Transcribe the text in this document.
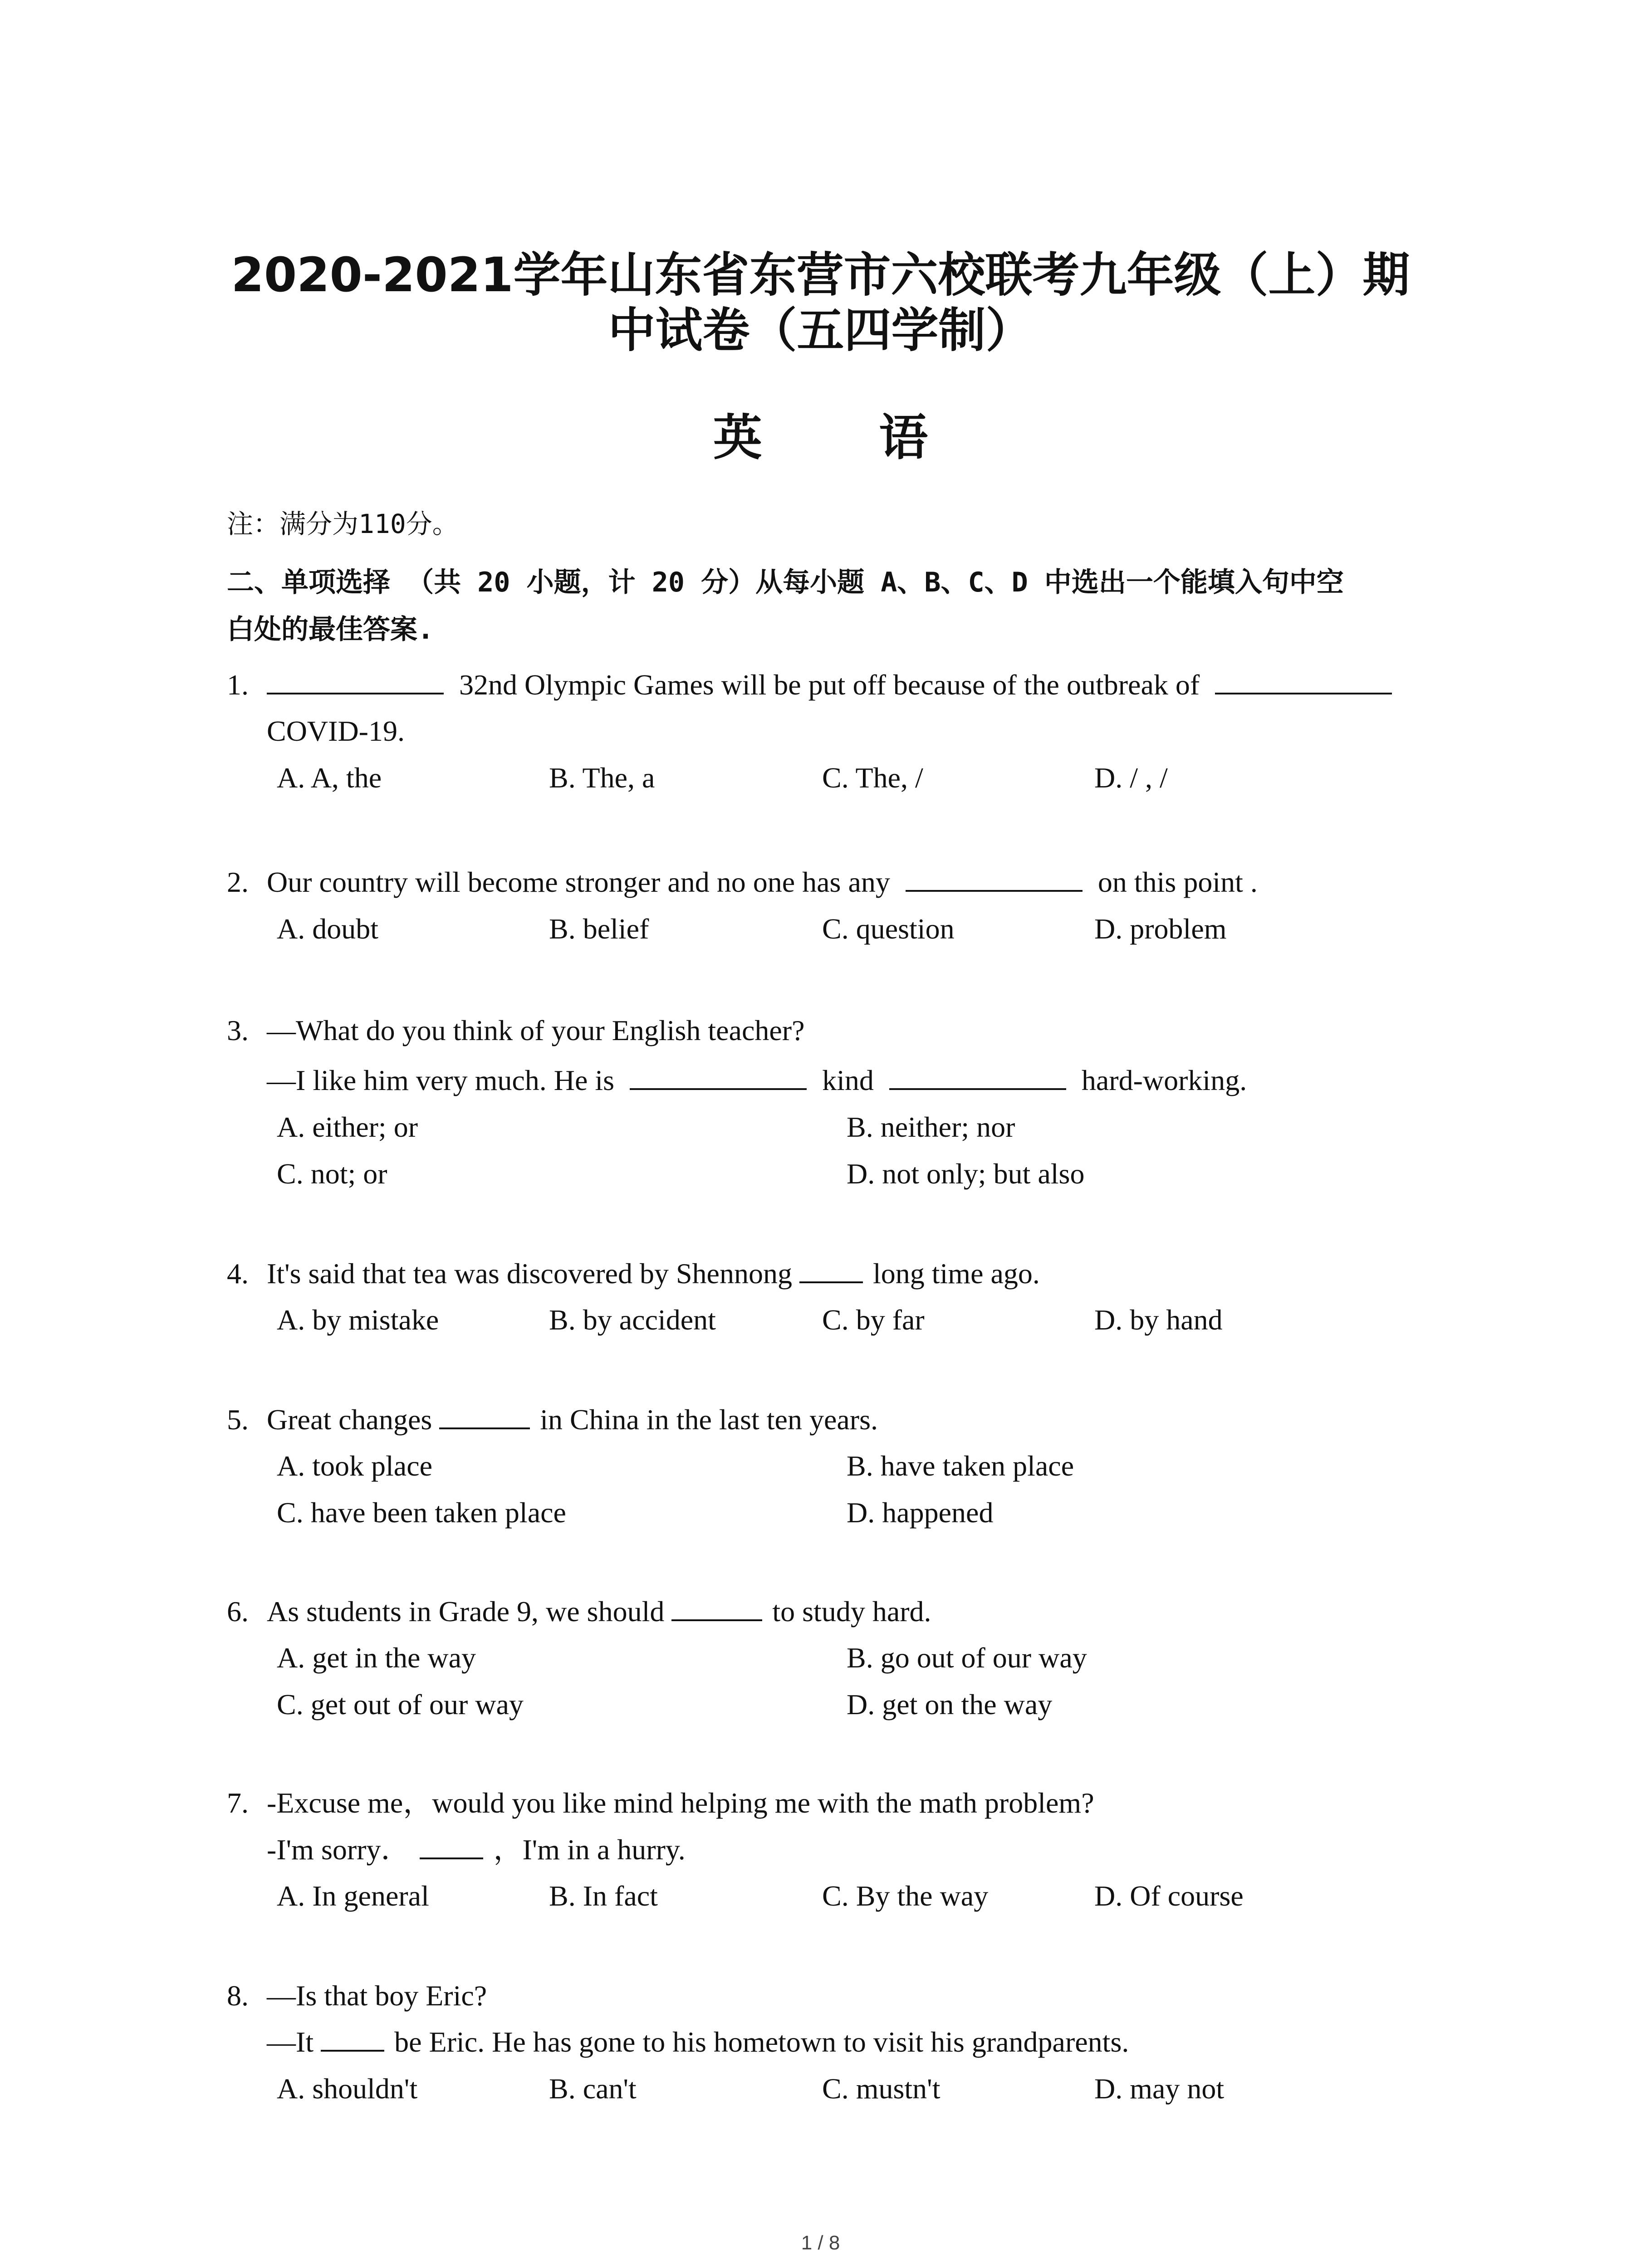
2020-2021学年山东省东营市六校联考九年级（上）期
中试卷（五四学制）
英 语
注：满分为110分。
二、单项选择 （共 20 小题，计 20 分）从每小题 A、B、C、D 中选出一个能填入句中空
白处的最佳答案.
1.	32nd Olympic Games will be put off because of the outbreak of
COVID-19.
A. A, the	B. The, a	C. The, /	D. / , /
2. Our country will become stronger and no one has any	on this point .
A. doubt	B. belief	C. question	D. problem
3. —What do you think of your English teacher?
—I like him very much. He is	kind	hard-working.
A. either; or	B. neither; nor
C. not; or	D. not only; but also
4. It's said that tea was discovered by Shennong  long time ago.
A. by mistake	B. by accident	C. by far	D. by hand
5. Great changes	in China in the last ten years.
A. took place	B. have taken place
C. have been taken place	D. happened
6. As students in Grade 9, we should	to study hard.
A. get in the way	B. go out of our way
C. get out of our way	D. get on the way
7. -Excuse me，would you like mind helping me with the math problem?
-I'm sorry．  ，I'm in a hurry.
A. In general	B. In fact	C. By the way	D. Of course
8. —Is that boy Eric?
—It  be Eric. He has gone to his hometown to visit his grandparents.
A. shouldn't	B. can't	C. mustn't	D. may not
1 / 8
